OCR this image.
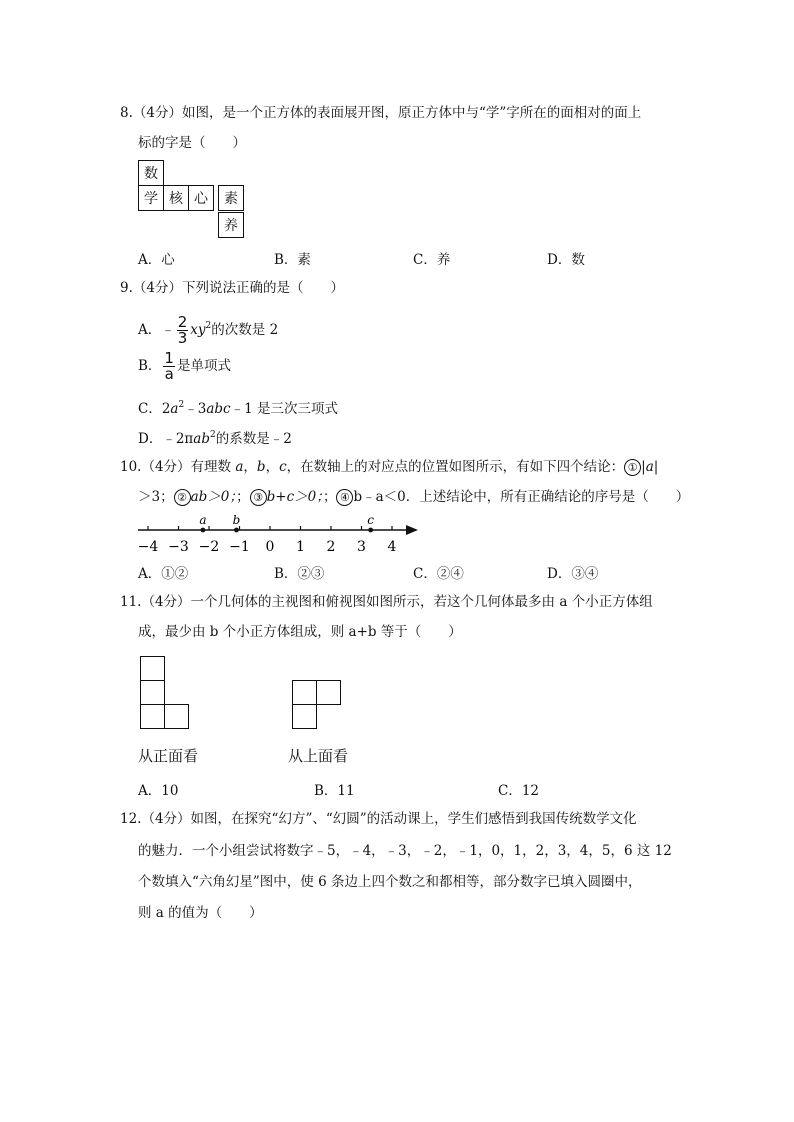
8.（4分）如图，是一个正方体的表面展开图，原正方体中与“学”字所在的面相对的面上
标的字是（　　）
数
学 核 心	素
养
A．心	B．素	C．养	D．数
9.（4分）下列说法正确的是（　　）
A．﹣ $\frac{2}{3} xy^2$的次数是 2
B． $\frac{1}{a}$ 是单项式
C．$2a^2﹣3abc﹣1$ 是三次三项式
D．﹣2πab$^2$的系数是﹣2
10.（4分）有理数 a，b，c，在数轴上的对应点的位置如图所示，有如下四个结论： ① |a|
＞3； ② ab＞0；； ③ b+c＞0；； ④ b﹣a＜0．上述结论中，所有正确结论的序号是（　　）
−4 −3 −2 −1 0 1 2 3 4
a b	c
A．①②	B．②③	C．②④	D．③④
11.（4分）一个几何体的主视图和俯视图如图所示，若这个几何体最多由 a 个小正方体组
成，最少由 b 个小正方体组成，则 a+b 等于（　　）
从正面看	从上面看
A．10	B．11	C．12
12.（4分）如图，在探究“幻方”、“幻圆”的活动课上，学生们感悟到我国传统数学文化
的魅力．一个小组尝试将数字﹣5，﹣4，﹣3，﹣2，﹣1，0，1，2，3，4，5，6 这 12
个数填入“六角幻星”图中，使 6 条边上四个数之和都相等，部分数字已填入圆圈中，
则 a 的值为（　　）
